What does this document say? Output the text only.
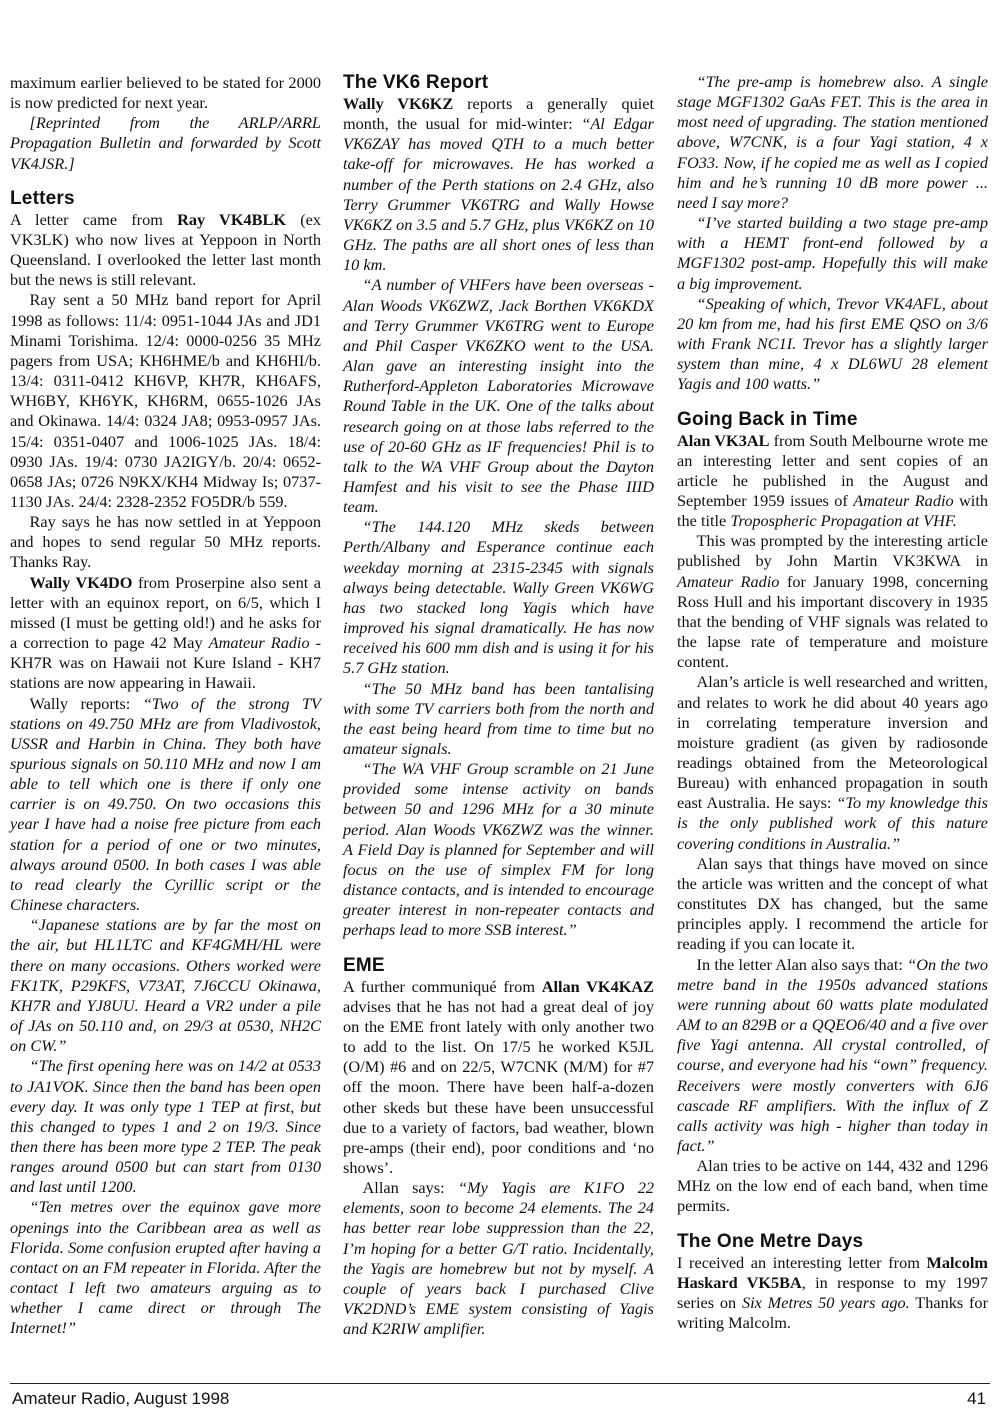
maximum earlier believed to be stated for 2000 is now predicted for next year.

[Reprinted from the ARLP/ARRL Propagation Bulletin and forwarded by Scott VK4JSR.]

Letters

A letter came from Ray VK4BLK (ex VK3LK) who now lives at Yeppoon in North Queensland. I overlooked the letter last month but the news is still relevant.

Ray sent a 50 MHz band report for April 1998 as follows: 11/4: 0951-1044 JAs and JD1 Minami Torishima. 12/4: 0000-0256 35 MHz pagers from USA; KH6HME/b and KH6HI/b. 13/4: 0311-0412 KH6VP, KH7R, KH6AFS, WH6BY, KH6YK, KH6RM, 0655-1026 JAs and Okinawa. 14/4: 0324 JA8; 0953-0957 JAs. 15/4: 0351-0407 and 1006-1025 JAs. 18/4: 0930 JAs. 19/4: 0730 JA2IGY/b. 20/4: 0652-0658 JAs; 0726 N9KX/KH4 Midway Is; 0737-1130 JAs. 24/4: 2328-2352 FO5DR/b 559.

Ray says he has now settled in at Yeppoon and hopes to send regular 50 MHz reports. Thanks Ray.

Wally VK4DO from Proserpine also sent a letter with an equinox report, on 6/5, which I missed (I must be getting old!) and he asks for a correction to page 42 May Amateur Radio - KH7R was on Hawaii not Kure Island - KH7 stations are now appearing in Hawaii.

Wally reports: “Two of the strong TV stations on 49.750 MHz are from Vladivostok, USSR and Harbin in China. They both have spurious signals on 50.110 MHz and now I am able to tell which one is there if only one carrier is on 49.750. On two occasions this year I have had a noise free picture from each station for a period of one or two minutes, always around 0500. In both cases I was able to read clearly the Cyrillic script or the Chinese characters.

“Japanese stations are by far the most on the air, but HL1LTC and KF4GMH/HL were there on many occasions. Others worked were FK1TK, P29KFS, V73AT, 7J6CCU Okinawa, KH7R and YJ8UU. Heard a VR2 under a pile of JAs on 50.110 and, on 29/3 at 0530, NH2C on CW.”

“The first opening here was on 14/2 at 0533 to JA1VOK. Since then the band has been open every day. It was only type 1 TEP at first, but this changed to types 1 and 2 on 19/3. Since then there has been more type 2 TEP. The peak ranges around 0500 but can start from 0130 and last until 1200.

“Ten metres over the equinox gave more openings into the Caribbean area as well as Florida. Some confusion erupted after having a contact on an FM repeater in Florida. After the contact I left two amateurs arguing as to whether I came direct or through The Internet!”

The VK6 Report

Wally VK6KZ reports a generally quiet month, the usual for mid-winter: “Al Edgar VK6ZAY has moved QTH to a much better take-off for microwaves. He has worked a number of the Perth stations on 2.4 GHz, also Terry Grummer VK6TRG and Wally Howse VK6KZ on 3.5 and 5.7 GHz, plus VK6KZ on 10 GHz. The paths are all short ones of less than 10 km.

“A number of VHFers have been overseas - Alan Woods VK6ZWZ, Jack Borthen VK6KDX and Terry Grummer VK6TRG went to Europe and Phil Casper VK6ZKO went to the USA. Alan gave an interesting insight into the Rutherford-Appleton Laboratories Microwave Round Table in the UK. One of the talks about research going on at those labs referred to the use of 20-60 GHz as IF frequencies! Phil is to talk to the WA VHF Group about the Dayton Hamfest and his visit to see the Phase IIID team.

“The 144.120 MHz skeds between Perth/Albany and Esperance continue each weekday morning at 2315-2345 with signals always being detectable. Wally Green VK6WG has two stacked long Yagis which have improved his signal dramatically. He has now received his 600 mm dish and is using it for his 5.7 GHz station.

“The 50 MHz band has been tantalising with some TV carriers both from the north and the east being heard from time to time but no amateur signals.

“The WA VHF Group scramble on 21 June provided some intense activity on bands between 50 and 1296 MHz for a 30 minute period. Alan Woods VK6ZWZ was the winner. A Field Day is planned for September and will focus on the use of simplex FM for long distance contacts, and is intended to encourage greater interest in non-repeater contacts and perhaps lead to more SSB interest.”

EME

A further communiqué from Allan VK4KAZ advises that he has not had a great deal of joy on the EME front lately with only another two to add to the list. On 17/5 he worked K5JL (O/M) #6 and on 22/5, W7CNK (M/M) for #7 off the moon. There have been half-a-dozen other skeds but these have been unsuccessful due to a variety of factors, bad weather, blown pre-amps (their end), poor conditions and ‘no shows’.

Allan says: “My Yagis are K1FO 22 elements, soon to become 24 elements. The 24 has better rear lobe suppression than the 22, I’m hoping for a better G/T ratio. Incidentally, the Yagis are homebrew but not by myself. A couple of years back I purchased Clive VK2DND’s EME system consisting of Yagis and K2RIW amplifier.

“The pre-amp is homebrew also. A single stage MGF1302 GaAs FET. This is the area in most need of upgrading. The station mentioned above, W7CNK, is a four Yagi station, 4 x FO33. Now, if he copied me as well as I copied him and he’s running 10 dB more power ... need I say more?

“I’ve started building a two stage pre-amp with a HEMT front-end followed by a MGF1302 post-amp. Hopefully this will make a big improvement.

“Speaking of which, Trevor VK4AFL, about 20 km from me, had his first EME QSO on 3/6 with Frank NC1I. Trevor has a slightly larger system than mine, 4 x DL6WU 28 element Yagis and 100 watts.”

Going Back in Time

Alan VK3AL from South Melbourne wrote me an interesting letter and sent copies of an article he published in the August and September 1959 issues of Amateur Radio with the title Tropospheric Propagation at VHF.

This was prompted by the interesting article published by John Martin VK3KWA in Amateur Radio for January 1998, concerning Ross Hull and his important discovery in 1935 that the bending of VHF signals was related to the lapse rate of temperature and moisture content.

Alan’s article is well researched and written, and relates to work he did about 40 years ago in correlating temperature inversion and moisture gradient (as given by radiosonde readings obtained from the Meteorological Bureau) with enhanced propagation in south east Australia. He says: “To my knowledge this is the only published work of this nature covering conditions in Australia.”

Alan says that things have moved on since the article was written and the concept of what constitutes DX has changed, but the same principles apply. I recommend the article for reading if you can locate it.

In the letter Alan also says that: “On the two metre band in the 1950s advanced stations were running about 60 watts plate modulated AM to an 829B or a QQEO6/40 and a five over five Yagi antenna. All crystal controlled, of course, and everyone had his “own” frequency. Receivers were mostly converters with 6J6 cascade RF amplifiers. With the influx of Z calls activity was high - higher than today in fact.”

Alan tries to be active on 144, 432 and 1296 MHz on the low end of each band, when time permits.

The One Metre Days

I received an interesting letter from Malcolm Haskard VK5BA, in response to my 1997 series on Six Metres 50 years ago. Thanks for writing Malcolm.

Amateur Radio, August 1998	41
